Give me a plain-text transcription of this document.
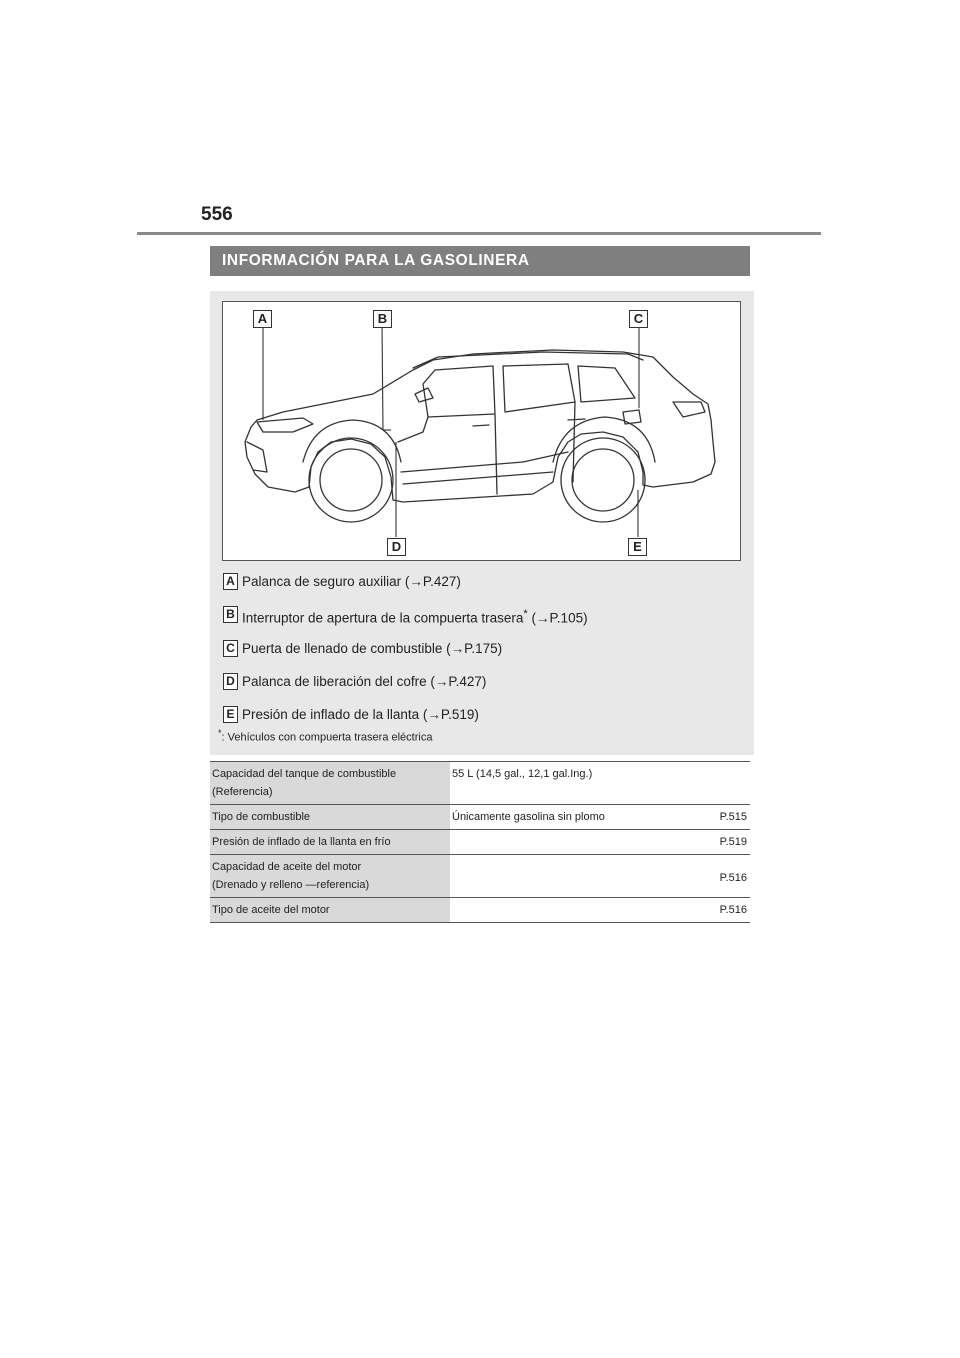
556
INFORMACIÓN PARA LA GASOLINERA
A	B	C
D	E
A Palanca de seguro auxiliar (→P.427)
B Interruptor de apertura de la compuerta trasera* (→P.105)
C Puerta de llenado de combustible (→P.175)
D Palanca de liberación del cofre (→P.427)
E Presión de inflado de la llanta (→P.519)
*: Vehículos con compuerta trasera eléctrica
Capacidad del tanque de combustible
(Referencia)	55 L (14,5 gal., 12,1 gal.Ing.)

Tipo de combustible	Únicamente gasolina sin plomo P.515

Presión de inflado de la llanta en frío	P.519

Capacidad de aceite del motor
(Drenado y relleno —referencia)	P.516

Tipo de aceite del motor	P.516
